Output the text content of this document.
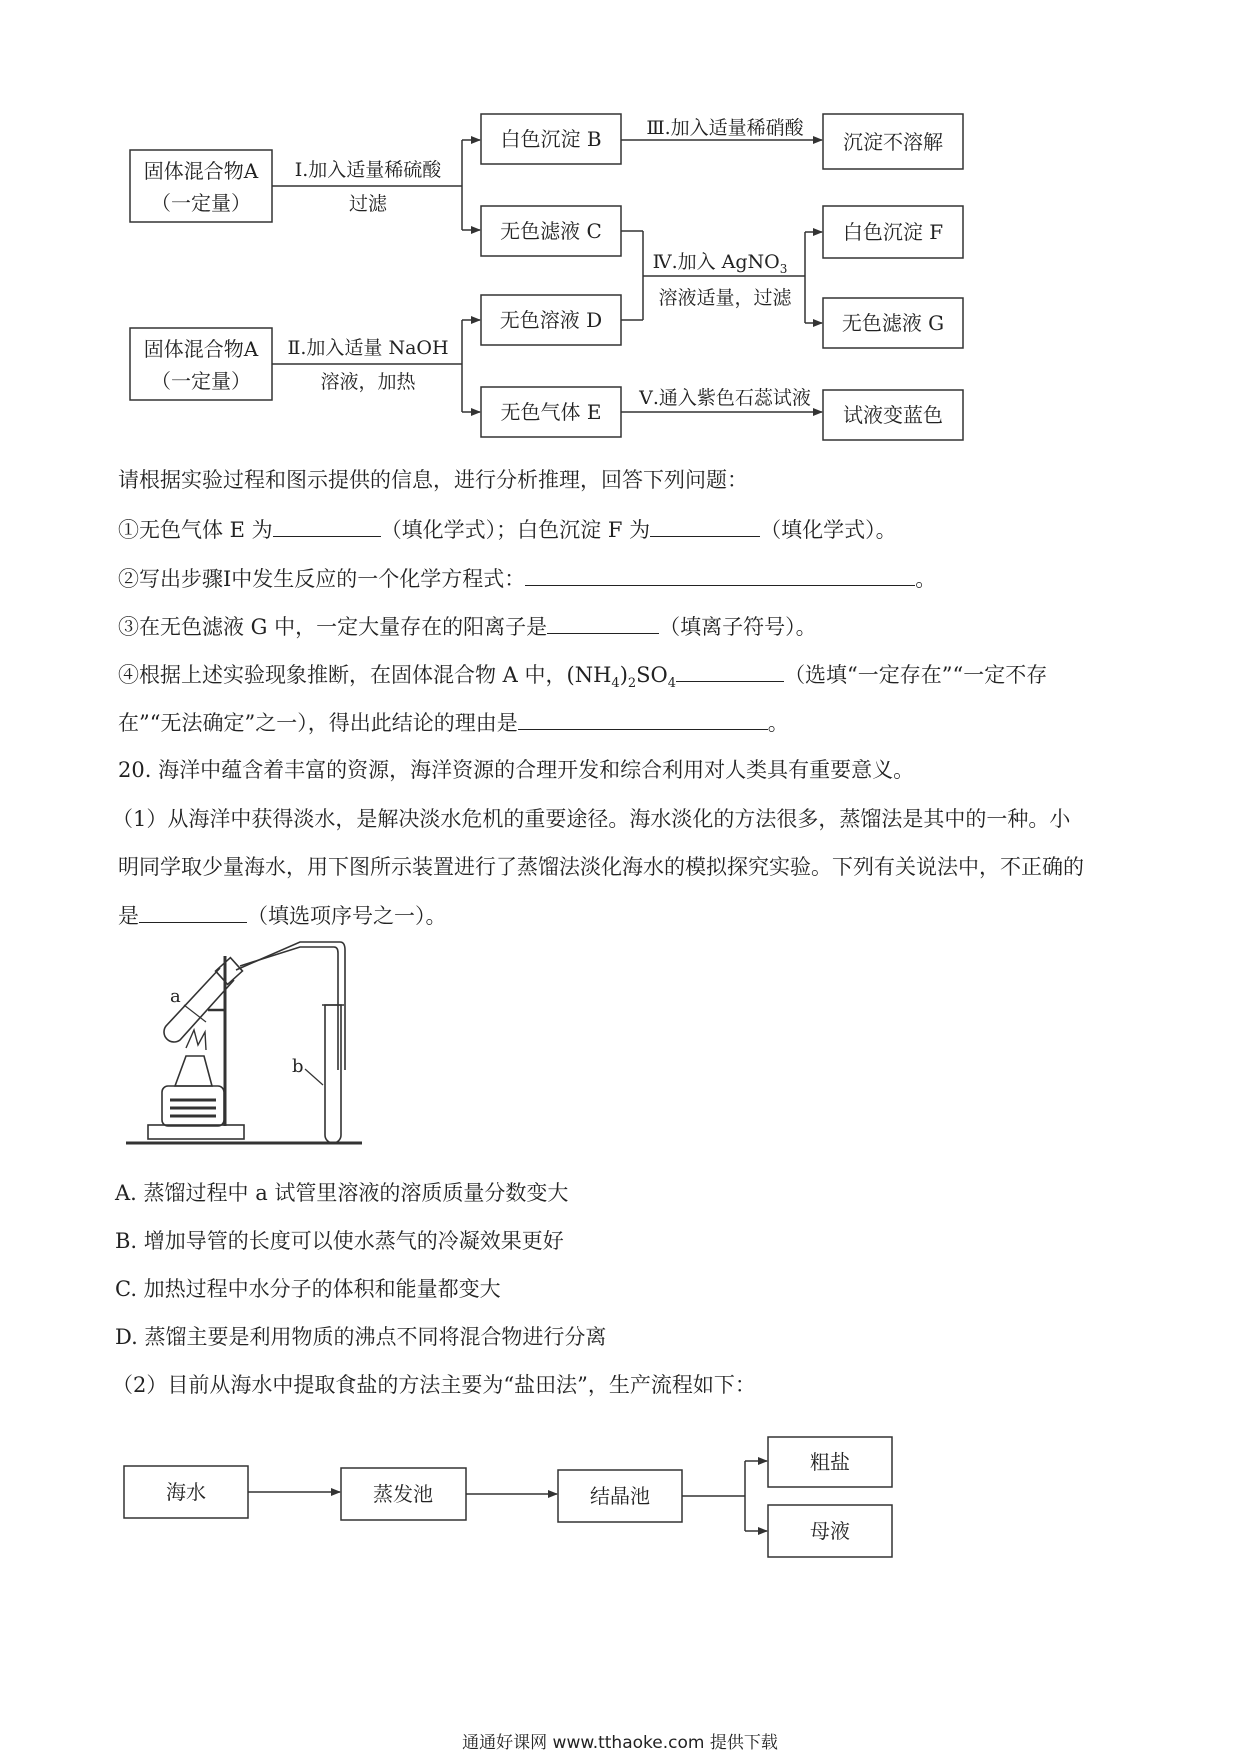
固体混合物A
（一定量）
固体混合物A
（一定量）
白色沉淀 B
无色滤液 C
无色溶液 D
无色气体 E
沉淀不溶解
白色沉淀 F
无色滤液 G
试液变蓝色
Ⅰ.加入适量稀硫酸
过滤
Ⅱ.加入适量 NaOH
溶液，加热
Ⅲ.加入适量稀硝酸
Ⅳ.加入 AgNO$_3$
溶液适量，过滤
Ⅴ.通入紫色石蕊试液
请根据实验过程和图示提供的信息，进行分析推理，回答下列问题：
①无色气体 E 为	（填化学式）；白色沉淀 F 为	（填化学式）。
②写出步骤Ⅰ中发生反应的一个化学方程式：	。
③在无色滤液 G 中，一定大量存在的阳离子是	（填离子符号）。
④根据上述实验现象推断，在固体混合物 A 中，$(NH_4)_2SO_4$	（选填“一定存在”“一定不存
在”“无法确定”之一），得出此结论的理由是	。
20. 海洋中蕴含着丰富的资源，海洋资源的合理开发和综合利用对人类具有重要意义。
（1）从海洋中获得淡水，是解决淡水危机的重要途径。海水淡化的方法很多，蒸馏法是其中的一种。小
明同学取少量海水，用下图所示装置进行了蒸馏法淡化海水的模拟探究实验。下列有关说法中，不正确的
是	（填选项序号之一）。
a
b
A. 蒸馏过程中 a 试管里溶液的溶质质量分数变大
B. 增加导管的长度可以使水蒸气的冷凝效果更好
C. 加热过程中水分子的体积和能量都变大
D. 蒸馏主要是利用物质的沸点不同将混合物进行分离
（2）目前从海水中提取食盐的方法主要为“盐田法”，生产流程如下：
海水	蒸发池	结晶池
粗盐
母液
通通好课网 www.tthaoke.com 提供下载
